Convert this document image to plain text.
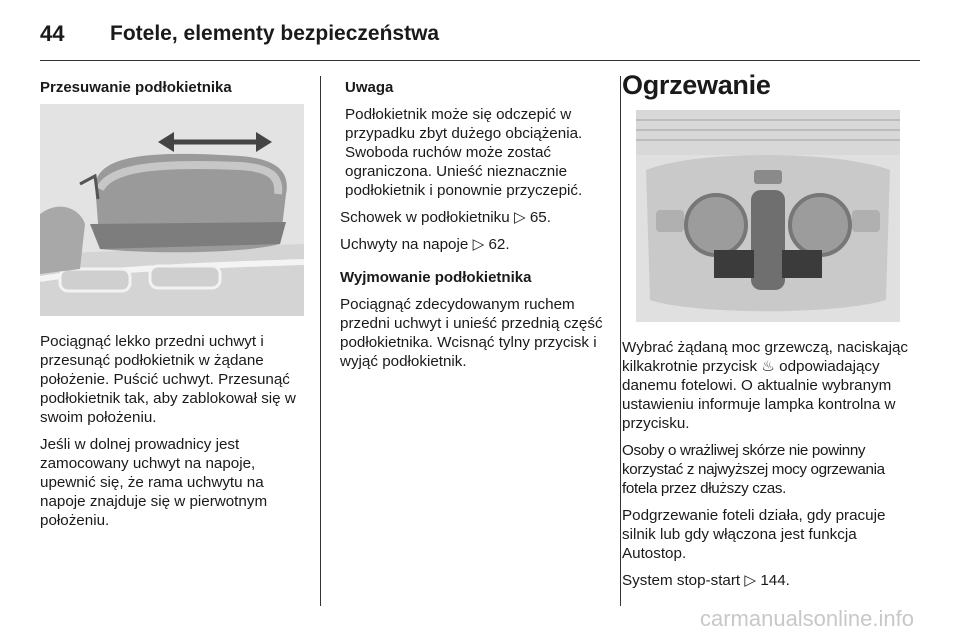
44	Fotele, elementy bezpieczeństwa

Przesuwanie podłokietnika

Pociągnąć lekko przedni uchwyt i przesunąć podłokietnik w żądane położenie. Puścić uchwyt. Przesunąć podłokietnik tak, aby zablokował się w swoim położeniu.

Jeśli w dolnej prowadnicy jest zamocowany uchwyt na napoje, upewnić się, że rama uchwytu na napoje znajduje się w pierwotnym położeniu.

Uwaga

Podłokietnik może się odczepić w przypadku zbyt dużego obciążenia. Swoboda ruchów może zostać ograniczona. Unieść nieznacznie podłokietnik i ponownie przyczepić.

Schowek w podłokietniku ▷ 65.

Uchwyty na napoje ▷ 62.

Wyjmowanie podłokietnika

Pociągnąć zdecydowanym ruchem przedni uchwyt i unieść przednią część podłokietnika. Wcisnąć tylny przycisk i wyjąć podłokietnik.

Ogrzewanie

Wybrać żądaną moc grzewczą, naciskając kilkakrotnie przycisk ♨ odpowiadający danemu fotelowi. O aktualnie wybranym ustawieniu informuje lampka kontrolna w przycisku.

Osoby o wrażliwej skórze nie powinny korzystać z najwyższej mocy ogrzewania fotela przez dłuższy czas.

Podgrzewanie foteli działa, gdy pracuje silnik lub gdy włączona jest funkcja Autostop.

System stop-start ▷ 144.

carmanualsonline.info
